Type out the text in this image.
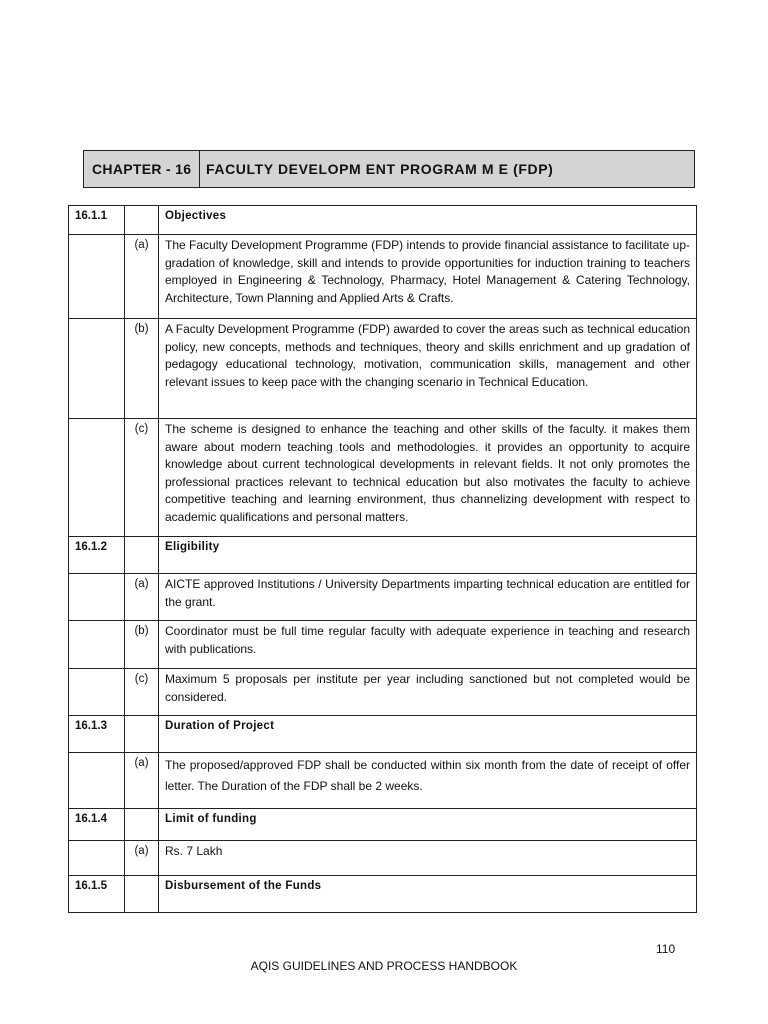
CHAPTER - 16	FACULTY DEVELOPM ENT PROGRAM M E (FDP)
16.1.1		Objectives
	(a)	The Faculty Development Programme (FDP) intends to provide financial assistance to facilitate up-gradation of knowledge, skill and intends to provide opportunities for induction training to teachers employed in Engineering & Technology, Pharmacy, Hotel Management & Catering Technology, Architecture, Town Planning and Applied Arts & Crafts.
	(b)	A Faculty Development Programme (FDP) awarded to cover the areas such as technical education policy, new concepts, methods and techniques, theory and skills enrichment and up gradation of pedagogy educational technology, motivation, communication skills, management and other relevant issues to keep pace with the changing scenario in Technical Education.
	(c)	The scheme is designed to enhance the teaching and other skills of the faculty. it makes them aware about modern teaching tools and methodologies. it provides an opportunity to acquire knowledge about current technological developments in relevant fields. It not only promotes the professional practices relevant to technical education but also motivates the faculty to achieve competitive teaching and learning environment, thus channelizing development with respect to academic qualifications and personal matters.
16.1.2		Eligibility
	(a)	AICTE approved Institutions / University Departments imparting technical education are entitled for the grant.
	(b)	Coordinator must be full time regular faculty with adequate experience in teaching and research with publications.
	(c)	Maximum 5 proposals per institute per year including sanctioned but not completed would be considered.
16.1.3		Duration of Project
	(a)	The proposed/approved FDP shall be conducted within six month from the date of receipt of offer letter. The Duration of the FDP shall be 2 weeks.
16.1.4		Limit of funding
	(a)	Rs. 7 Lakh
16.1.5		Disbursement of the Funds
110
AQIS GUIDELINES AND PROCESS HANDBOOK
